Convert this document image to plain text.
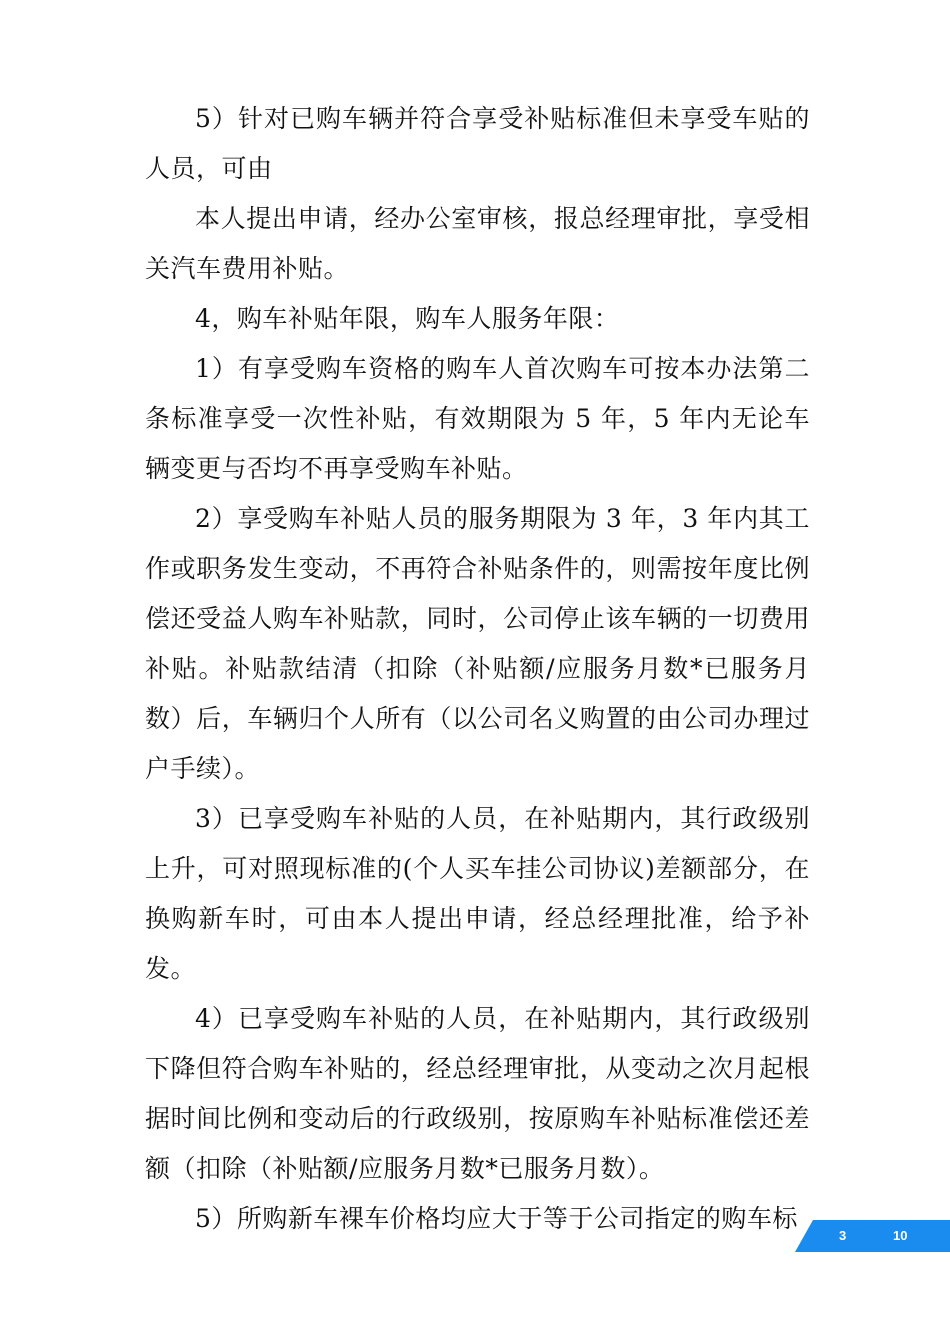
5）针对已购车辆并符合享受补贴标准但未享受车贴的人员，可由

本人提出申请，经办公室审核，报总经理审批，享受相关汽车费用补贴。

4，购车补贴年限，购车人服务年限：

1）有享受购车资格的购车人首次购车可按本办法第二条标准享受一次性补贴，有效期限为 5 年，5 年内无论车辆变更与否均不再享受购车补贴。

2）享受购车补贴人员的服务期限为 3 年，3 年内其工作或职务发生变动，不再符合补贴条件的，则需按年度比例偿还受益人购车补贴款，同时，公司停止该车辆的一切费用补贴。补贴款结清（扣除（补贴额/应服务月数*已服务月数）后，车辆归个人所有（以公司名义购置的由公司办理过户手续）。

3）已享受购车补贴的人员，在补贴期内，其行政级别上升，可对照现标准的(个人买车挂公司协议)差额部分，在换购新车时，可由本人提出申请，经总经理批准，给予补发。

4）已享受购车补贴的人员，在补贴期内，其行政级别下降但符合购车补贴的，经总经理审批，从变动之次月起根据时间比例和变动后的行政级别，按原购车补贴标准偿还差额（扣除（补贴额/应服务月数*已服务月数）。

5）所购新车裸车价格均应大于等于公司指定的购车标

3	10
